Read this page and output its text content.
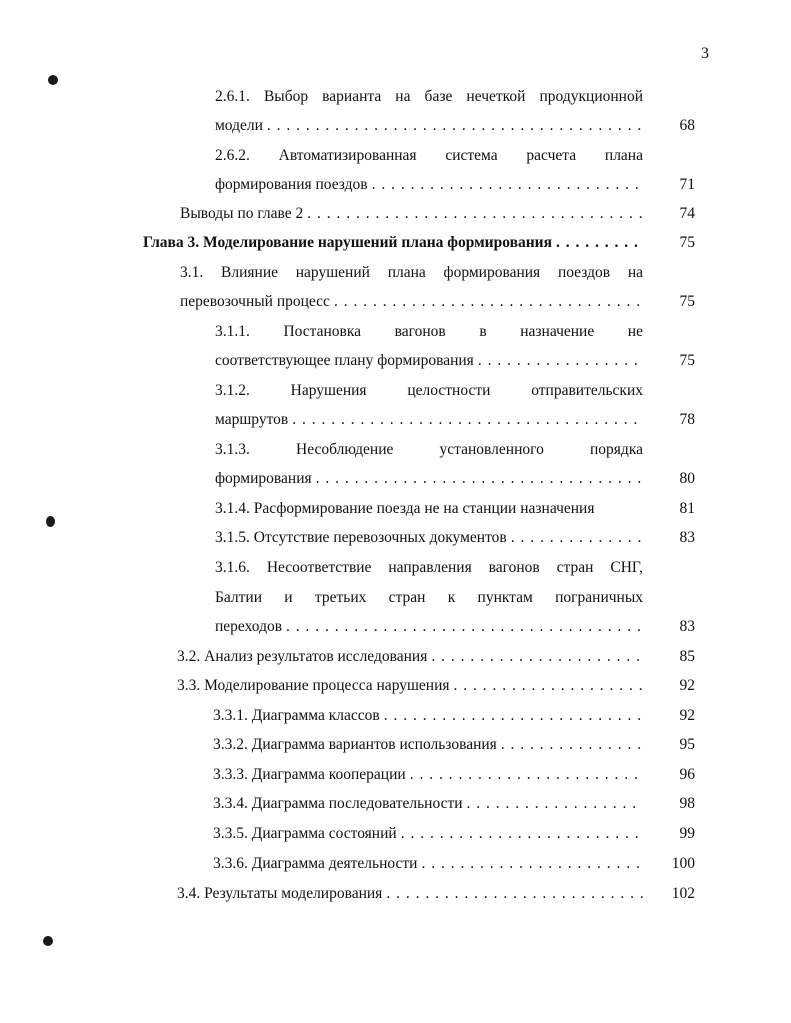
3
2.6.1. Выбор варианта на базе нечеткой продукционной
модели . . .	68
2.6.2. Автоматизированная система расчета плана
формирования поездов . . .	71
Выводы по главе 2 . . .	74
Глава 3. Моделирование нарушений плана формирования . . .	75
3.1. Влияние нарушений плана формирования поездов на
перевозочный процесс . . .	75
3.1.1. Постановка вагонов в назначение не
соответствующее плану формирования . . .	75
3.1.2. Нарушения целостности отправительских
маршрутов . . .	78
3.1.3. Несоблюдение установленного порядка
формирования . . .	80
3.1.4. Расформирование поезда не на станции назначения	81
3.1.5. Отсутствие перевозочных документов . . .	83
3.1.6. Несоответствие направления вагонов стран СНГ,
Балтии и третьих стран к пунктам пограничных
переходов . . .	83
3.2. Анализ результатов исследования . . .	85
3.3. Моделирование процесса нарушения . . .	92
3.3.1. Диаграмма классов . . .	92
3.3.2. Диаграмма вариантов использования . . .	95
3.3.3. Диаграмма кооперации . . .	96
3.3.4. Диаграмма последовательности . . .	98
3.3.5. Диаграмма состояний . . .	99
3.3.6. Диаграмма деятельности . . .	100
3.4. Результаты моделирования . . .	102
